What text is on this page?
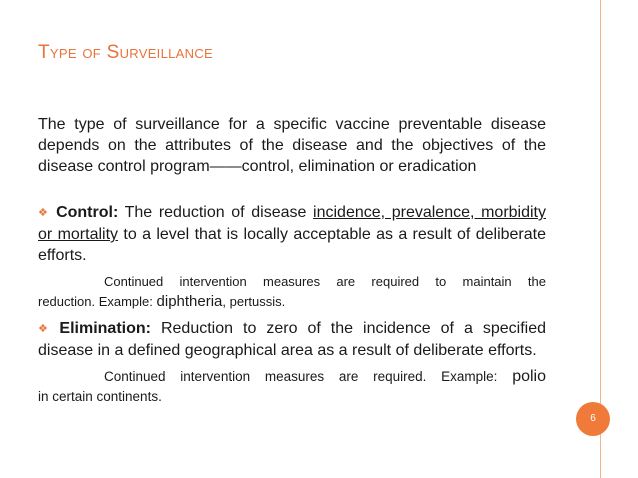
Type of Surveillance

The type of surveillance for a specific vaccine preventable disease depends on the attributes of the disease and the objectives of the disease control program——control, elimination or eradication

❖ Control: The reduction of disease incidence, prevalence, morbidity or mortality to a level that is locally acceptable as a result of deliberate efforts.

Continued intervention measures are required to maintain the
reduction. Example: diphtheria, pertussis.

❖ Elimination: Reduction to zero of the incidence of a specified disease in a defined geographical area as a result of deliberate efforts.

Continued intervention measures are required. Example: polio
in certain continents.

6
